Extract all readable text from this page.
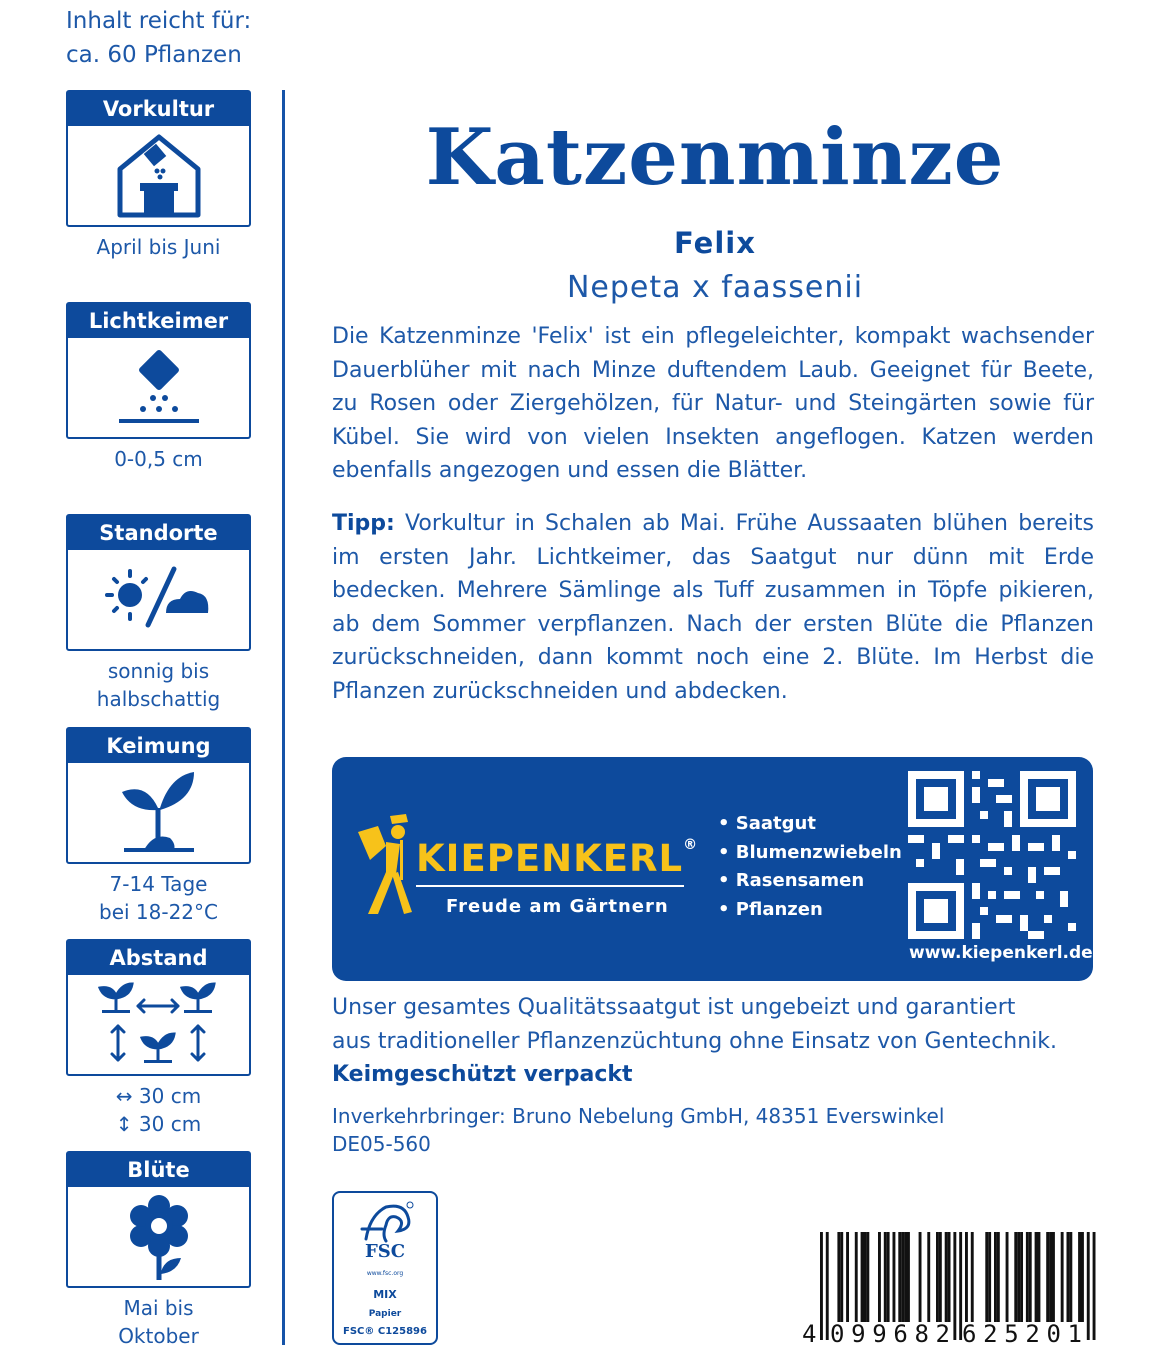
Inhalt reicht für:
ca. 60 Pflanzen
Vorkultur
April bis Juni
Lichtkeimer
0-0,5 cm
Standorte
sonnig bis
halbschattig
Keimung
7-14 Tage
bei 18-22°C
Abstand
↔ 30 cm
↕ 30 cm
Blüte
Mai bis
Oktober
Katzenminze
Felix
Nepeta x faassenii
Die Katzenminze 'Felix' ist ein pflegeleichter, kompakt wachsender Dauerblüher mit nach Minze duftendem Laub. Geeignet für Beete, zu Rosen oder Ziergehölzen, für Natur- und Steingärten sowie für Kübel. Sie wird von vielen Insekten angeflogen. Katzen werden ebenfalls angezogen und essen die Blätter.
Tipp: Vorkultur in Schalen ab Mai. Frühe Aussaaten blühen bereits im ersten Jahr. Lichtkeimer, das Saatgut nur dünn mit Erde bedecken. Mehrere Sämlinge als Tuff zusammen in Töpfe pikieren, ab dem Sommer verpflanzen. Nach der ersten Blüte die Pflanzen zurückschneiden, dann kommt noch eine 2. Blüte. Im Herbst die Pflanzen zurückschneiden und abdecken.
KIEPENKERL®
Freude am Gärtnern
• Saatgut
• Blumenzwiebeln
• Rasensamen
• Pflanzen
www.kiepenkerl.de
Unser gesamtes Qualitätssaatgut ist ungebeizt und garantiert
aus traditioneller Pflanzenzüchtung ohne Einsatz von Gentechnik.
Keimgeschützt verpackt
Inverkehrbringer: Bruno Nebelung GmbH, 48351 Everswinkel
DE05-560
FSC
www.fsc.org
MIX
Papier
FSC® C125896	4 099682 625201
